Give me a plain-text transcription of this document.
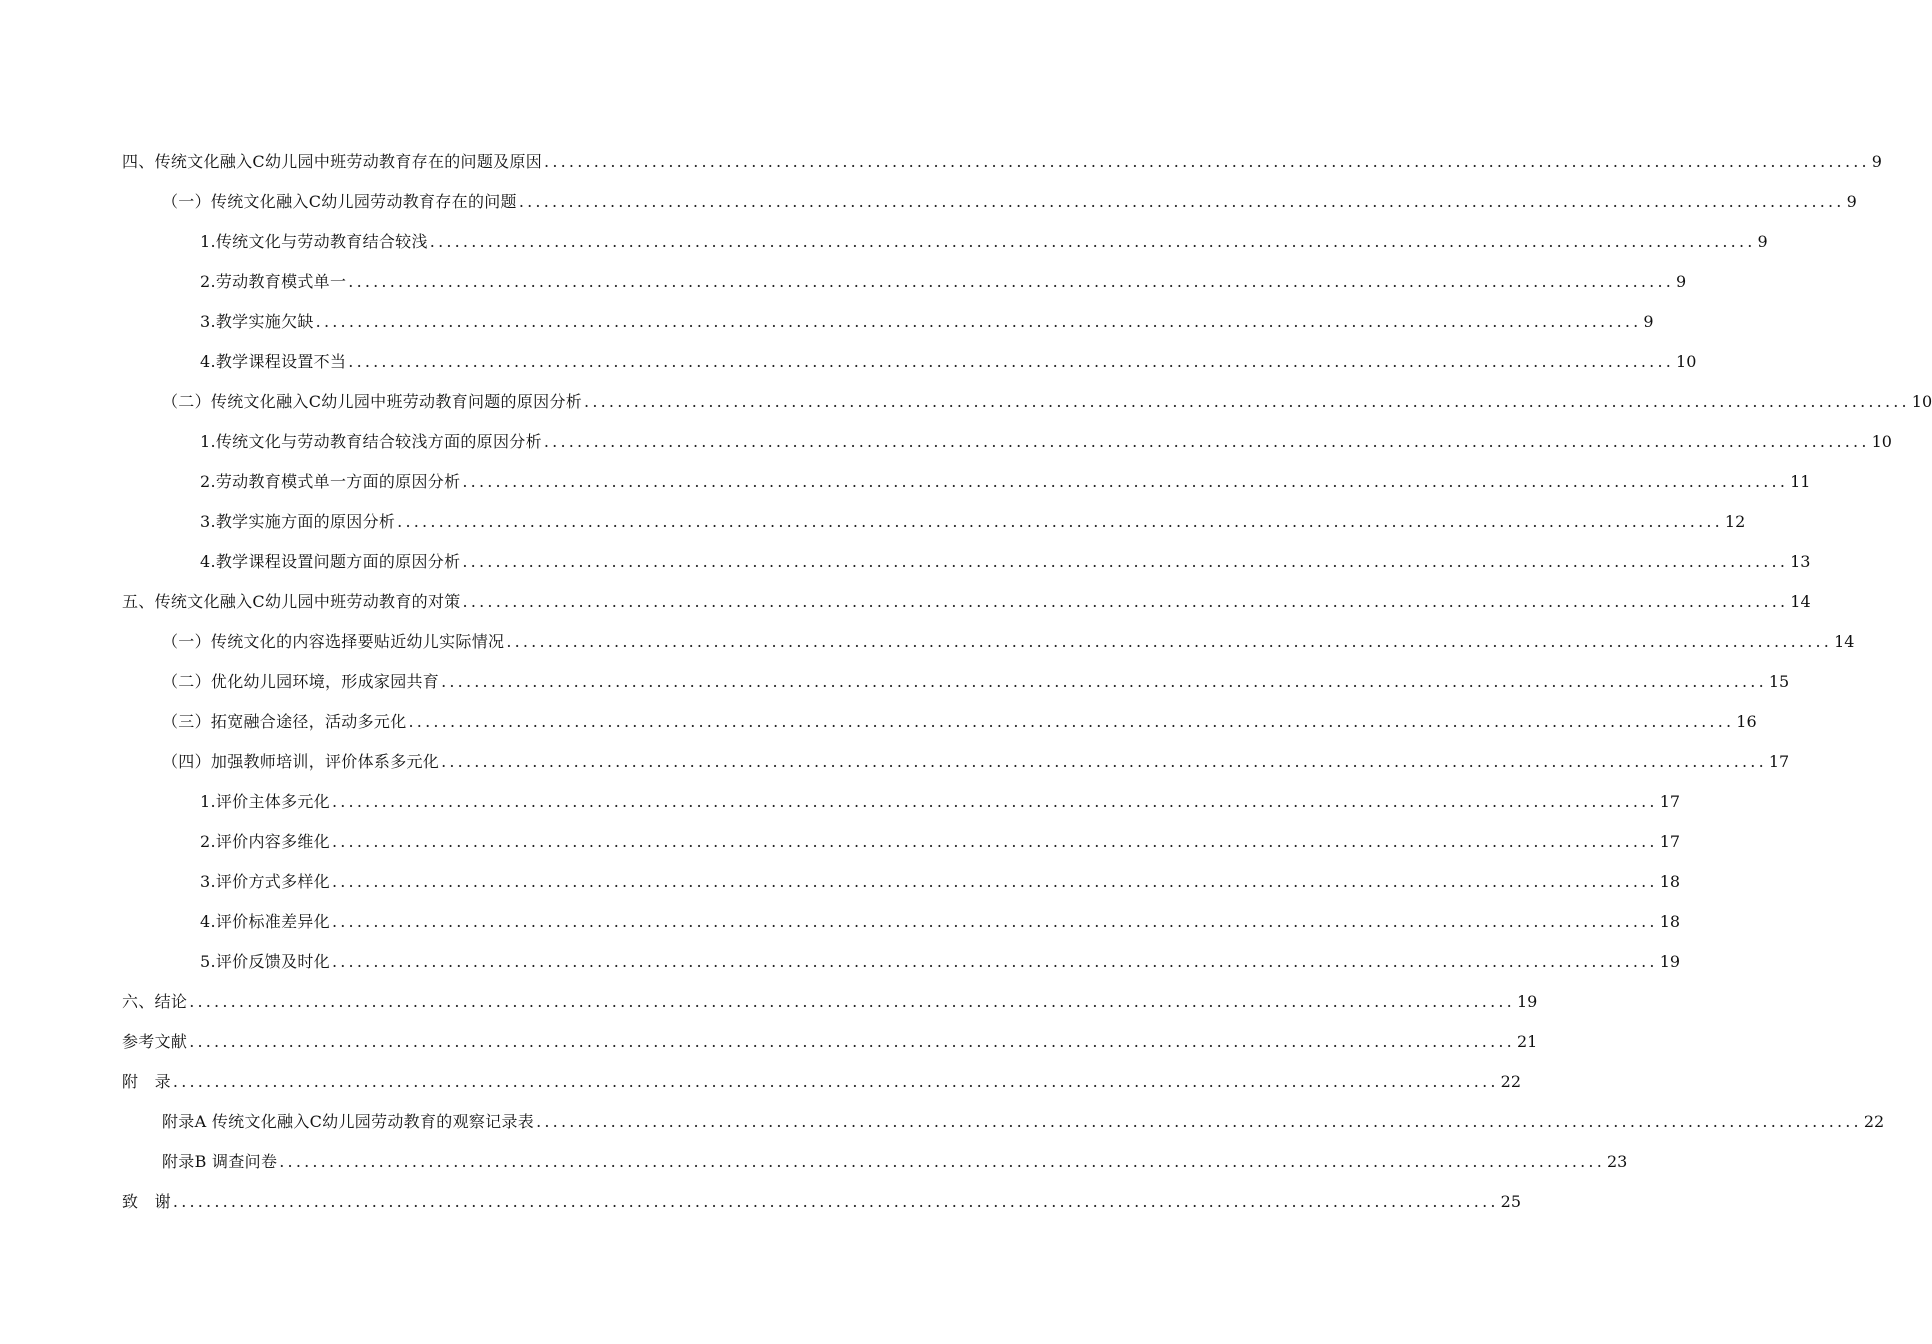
四、传统文化融入C幼儿园中班劳动教育存在的问题及原因 ................................................................................................................................................................ 9
（一）传统文化融入C幼儿园劳动教育存在的问题 ................................................................................................................................................................ 9
1.传统文化与劳动教育结合较浅 ................................................................................................................................................................ 9
2.劳动教育模式单一 ................................................................................................................................................................ 9
3.教学实施欠缺 ................................................................................................................................................................ 9
4.教学课程设置不当 ................................................................................................................................................................ 10
（二）传统文化融入C幼儿园中班劳动教育问题的原因分析 ................................................................................................................................................................ 10
1.传统文化与劳动教育结合较浅方面的原因分析 ................................................................................................................................................................ 10
2.劳动教育模式单一方面的原因分析 ................................................................................................................................................................ 11
3.教学实施方面的原因分析 ................................................................................................................................................................ 12
4.教学课程设置问题方面的原因分析 ................................................................................................................................................................ 13
五、传统文化融入C幼儿园中班劳动教育的对策 ................................................................................................................................................................ 14
（一）传统文化的内容选择要贴近幼儿实际情况 ................................................................................................................................................................ 14
（二）优化幼儿园环境，形成家园共育 ................................................................................................................................................................ 15
（三）拓宽融合途径，活动多元化 ................................................................................................................................................................ 16
（四）加强教师培训，评价体系多元化 ................................................................................................................................................................ 17
1.评价主体多元化 ................................................................................................................................................................ 17
2.评价内容多维化 ................................................................................................................................................................ 17
3.评价方式多样化 ................................................................................................................................................................ 18
4.评价标准差异化 ................................................................................................................................................................ 18
5.评价反馈及时化 ................................................................................................................................................................ 19
六、结论 ................................................................................................................................................................ 19
参考文献 ................................................................................................................................................................ 21
附　录 ................................................................................................................................................................ 22
附录A 传统文化融入C幼儿园劳动教育的观察记录表 ................................................................................................................................................................ 22
附录B 调查问卷 ................................................................................................................................................................ 23
致　谢 ................................................................................................................................................................ 25
